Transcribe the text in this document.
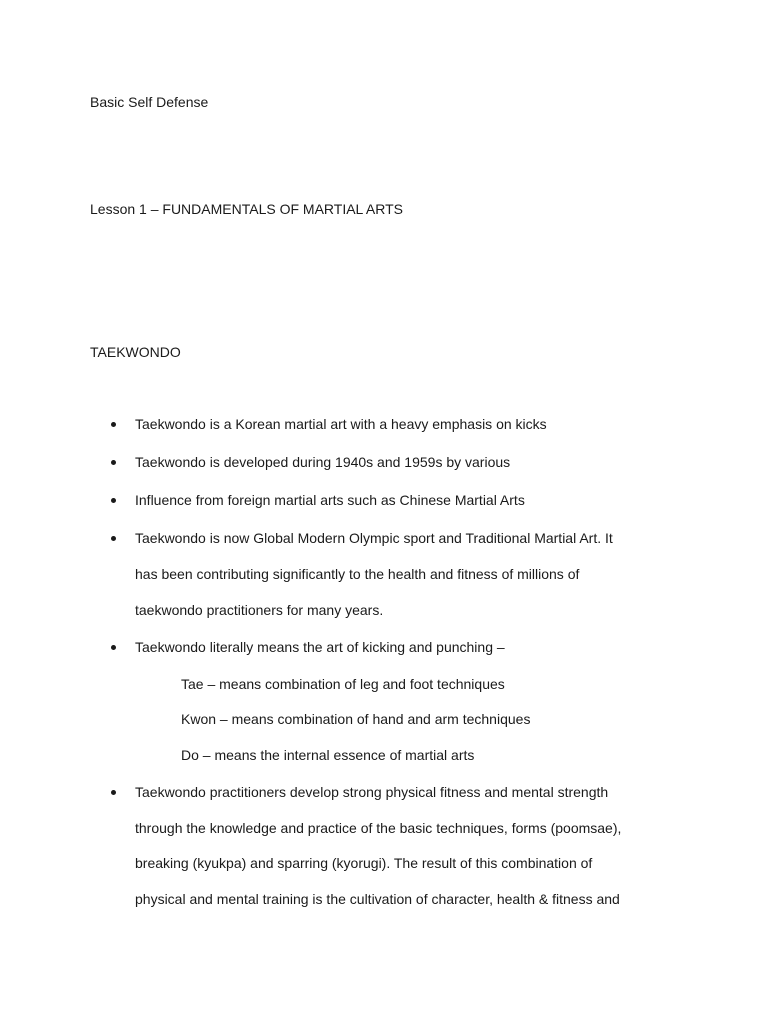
Basic Self Defense
Lesson 1 – FUNDAMENTALS OF MARTIAL ARTS
TAEKWONDO
Taekwondo is a Korean martial art with a heavy emphasis on kicks
Taekwondo is developed during 1940s and 1959s by various
Influence from foreign martial arts such as Chinese Martial Arts
Taekwondo is now Global Modern Olympic sport and Traditional Martial Art. It
has been contributing significantly to the health and fitness of millions of
taekwondo practitioners for many years.
Taekwondo literally means the art of kicking and punching –
Tae – means combination of leg and foot techniques
Kwon – means combination of hand and arm techniques
Do – means the internal essence of martial arts
Taekwondo practitioners develop strong physical fitness and mental strength
through the knowledge and practice of the basic techniques, forms (poomsae),
breaking (kyukpa) and sparring (kyorugi). The result of this combination of
physical and mental training is the cultivation of character, health & fitness and
